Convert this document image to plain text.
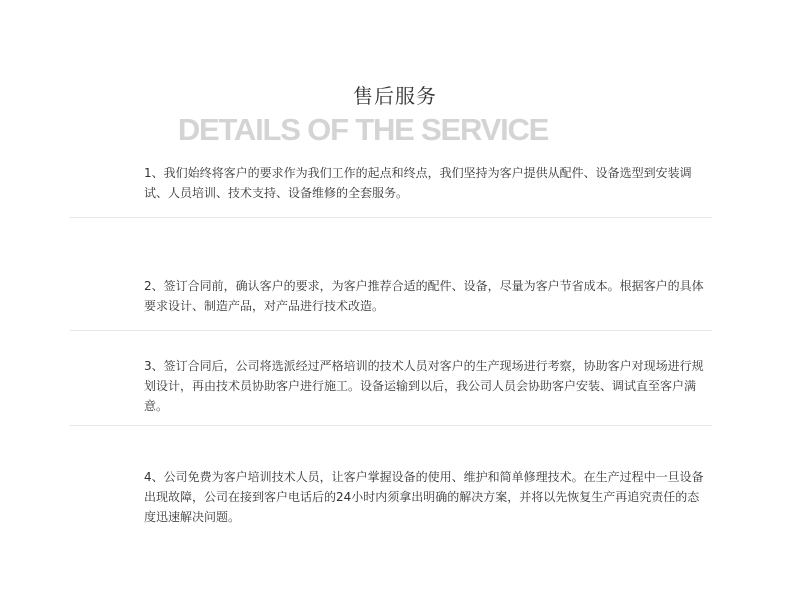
售后服务
DETAILS OF THE SERVICE

1、我们始终将客户的要求作为我们工作的起点和终点，我们坚持为客户提供从配件、设备选型到安装调试、人员培训、技术支持、设备维修的全套服务。

2、签订合同前，确认客户的要求，为客户推荐合适的配件、设备，尽量为客户节省成本。根据客户的具体要求设计、制造产品，对产品进行技术改造。

3、签订合同后，公司将选派经过严格培训的技术人员对客户的生产现场进行考察，协助客户对现场进行规划设计，再由技术员协助客户进行施工。设备运输到以后，我公司人员会协助客户安装、调试直至客户满意。

4、公司免费为客户培训技术人员，让客户掌握设备的使用、维护和简单修理技术。在生产过程中一旦设备出现故障，公司在接到客户电话后的24小时内须拿出明确的解决方案，并将以先恢复生产再追究责任的态度迅速解决问题。
